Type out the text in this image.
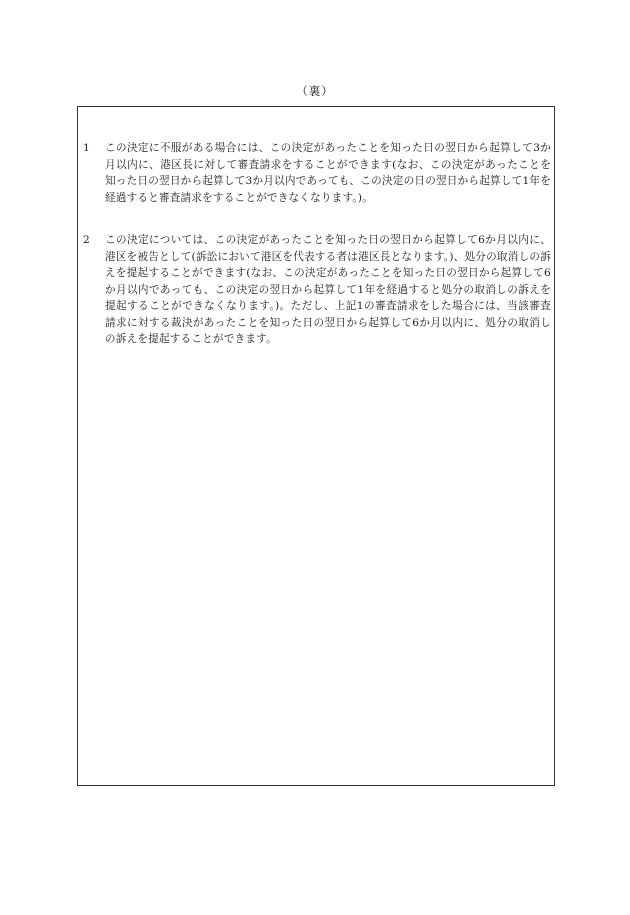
（裏）
1	この決定に不服がある場合には、この決定があったことを知った日の翌日から起算して3か月以内に、港区長に対して審査請求をすることができます(なお、この決定があったことを知った日の翌日から起算して3か月以内であっても、この決定の日の翌日から起算して1年を経過すると審査請求をすることができなくなります。)。
2	この決定については、この決定があったことを知った日の翌日から起算して6か月以内に、港区を被告として(訴訟において港区を代表する者は港区長となります。)、処分の取消しの訴えを提起することができます(なお、この決定があったことを知った日の翌日から起算して6か月以内であっても、この決定の翌日から起算して1年を経過すると処分の取消しの訴えを提起することができなくなります。)。ただし、上記1の審査請求をした場合には、当該審査請求に対する裁決があったことを知った日の翌日から起算して6か月以内に、処分の取消しの訴えを提起することができます。
